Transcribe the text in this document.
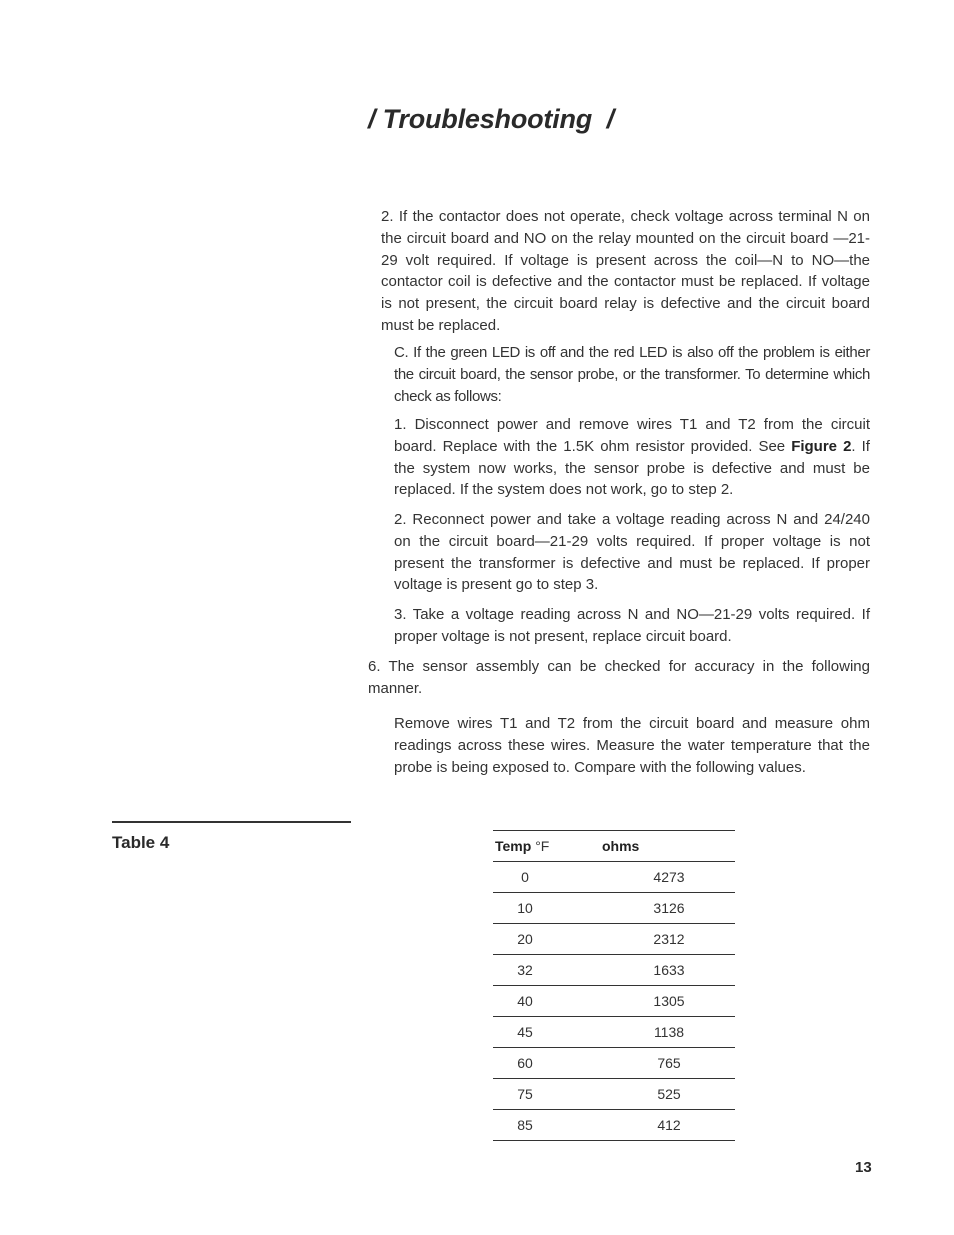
/ Troubleshooting  /

2. If the contactor does not operate, check voltage across terminal N on the circuit board and NO on the relay mounted on the circuit board —21-29 volt required. If voltage is present across the coil—N to NO—the contactor coil is defective and the contactor must be replaced. If voltage is not present, the circuit board relay is defective and the circuit board must be replaced.

C. If the green LED is off and the red LED is also off the problem is either the circuit board, the sensor probe, or the transformer. To determine which check as follows:

1. Disconnect power and remove wires T1 and T2 from the circuit board. Replace with the 1.5K ohm resistor provided. See Figure 2. If the system now works, the sensor probe is defective and must be replaced. If the system does not work, go to step 2.

2. Reconnect power and take a voltage reading across N and 24/240 on the circuit board—21-29 volts required. If proper voltage is not present the transformer is defective and must be replaced. If proper voltage is present go to step 3.

3. Take a voltage reading across N and NO—21-29 volts required. If proper voltage is not present, replace circuit board.

6. The sensor assembly can be checked for accuracy in the following manner.

Remove wires T1 and T2 from the circuit board and measure ohm readings across these wires. Measure the water temperature that the probe is being exposed to. Compare with the following values.

Table 4	Temp °F	ohms
0	4273
10	3126
20	2312
32	1633
40	1305
45	1138
60	765
75	525
85	412

13
